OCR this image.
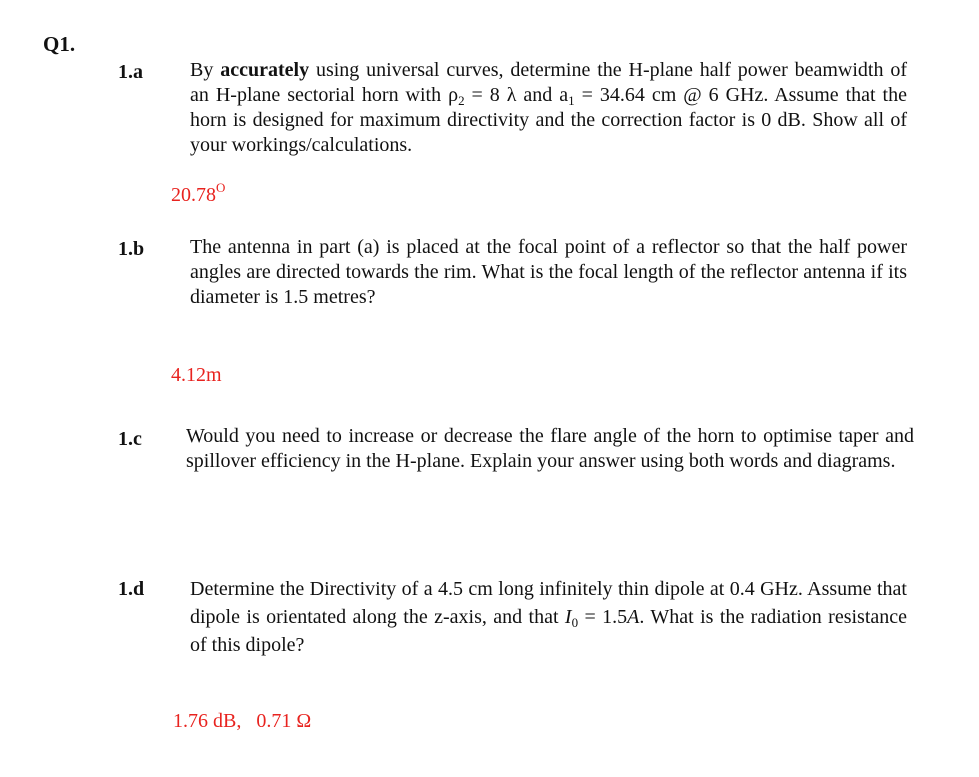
Q1.
1.a By accurately using universal curves, determine the H-plane half power beamwidth of an H-plane sectorial horn with $\rho_2 = 8$ λ and $a_1 = 34.64$ cm @ 6 GHz. Assume that the horn is designed for maximum directivity and the correction factor is 0 dB. Show all of your workings/calculations.
$20.78^O$
1.b The antenna in part (a) is placed at the focal point of a reflector so that the half power angles are directed towards the rim. What is the focal length of the reflector antenna if its diameter is 1.5 metres?
4.12m
1.c Would you need to increase or decrease the flare angle of the horn to optimise taper and spillover efficiency in the H-plane. Explain your answer using both words and diagrams.
1.d Determine the Directivity of a 4.5 cm long infinitely thin dipole at 0.4 GHz. Assume that dipole is orientated along the z-axis, and that $I_0 = 1.5A$. What is the radiation resistance of this dipole?
1.76 dB,   0.71 Ω
